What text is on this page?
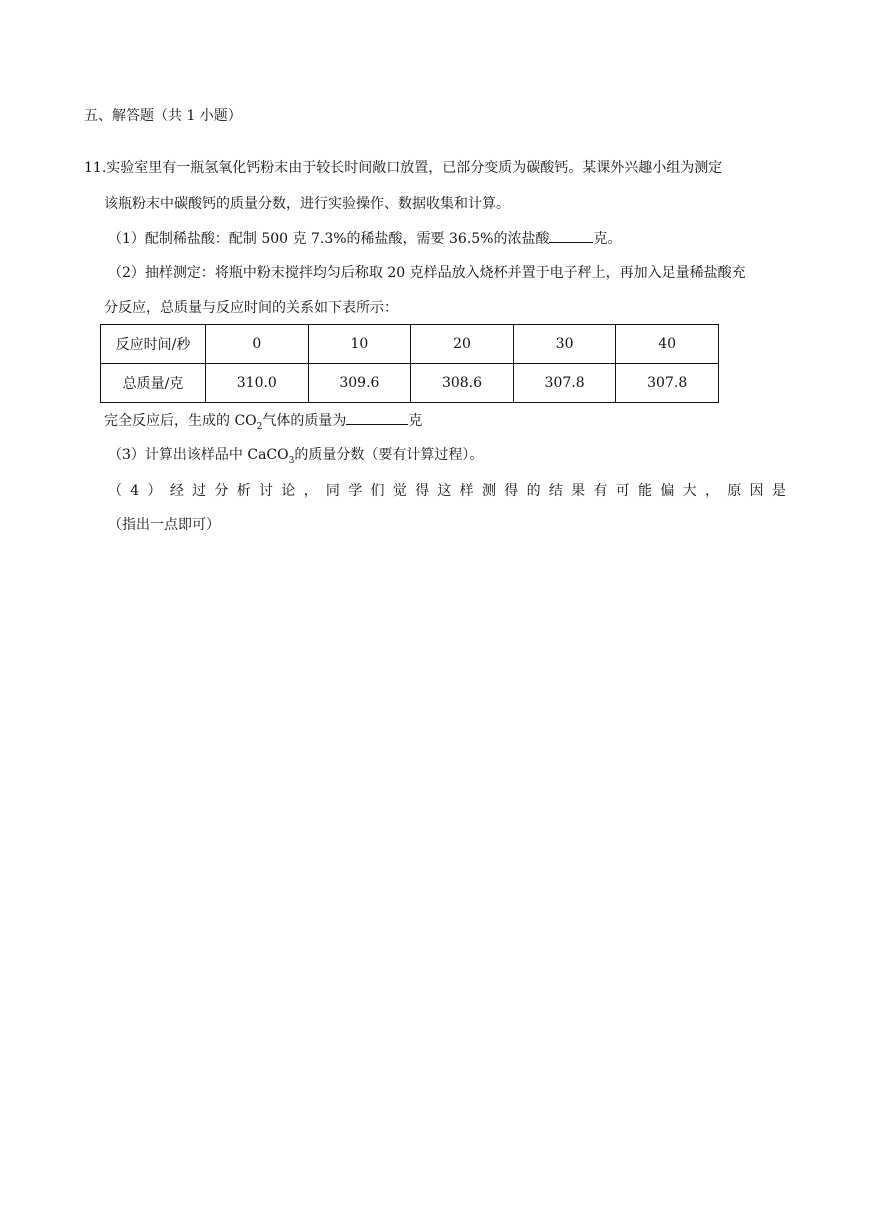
五、解答题（共 1 小题）
11.实验室里有一瓶氢氧化钙粉末由于较长时间敞口放置，已部分变质为碳酸钙。某课外兴趣小组为测定
该瓶粉末中碳酸钙的质量分数，进行实验操作、数据收集和计算。
（1）配制稀盐酸：配制 500 克 7.3%的稀盐酸，需要 36.5%的浓盐酸	克。
（2）抽样测定：将瓶中粉末搅拌均匀后称取 20 克样品放入烧杯并置于电子秤上，再加入足量稀盐酸充
分反应，总质量与反应时间的关系如下表所示：
反应时间/秒	0	10	20	30	40
总质量/克	310.0	309.6	308.6	307.8	307.8
完全反应后，生成的 $CO_2$气体的质量为	克
（3）计算出该样品中 CaCO$_3$的质量分数（要有计算过程）。
（ 4 ） 经 过 分 析 讨 论 ， 同 学 们 觉 得 这 样 测 得 的 结 果 有 可 能 偏 大 ， 原 因 是
（指出一点即可）
